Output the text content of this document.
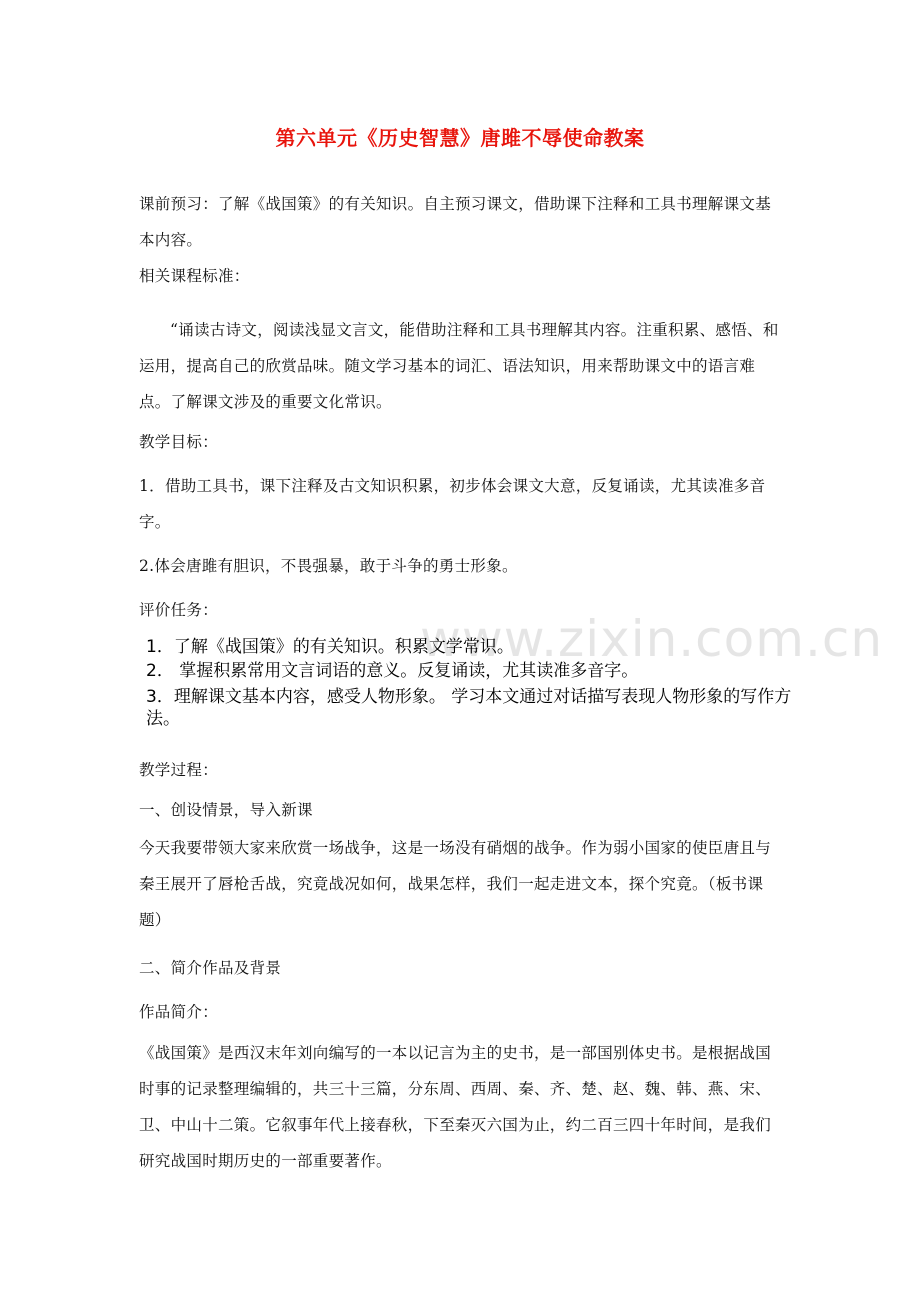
第六单元《历史智慧》唐雎不辱使命教案
课前预习：了解《战国策》的有关知识。自主预习课文，借助课下注释和工具书理解课文基本内容。
相关课程标准：
“诵读古诗文，阅读浅显文言文，能借助注释和工具书理解其内容。注重积累、感悟、和运用，提高自己的欣赏品味。随文学习基本的词汇、语法知识，用来帮助课文中的语言难点。了解课文涉及的重要文化常识。
教学目标：
1．借助工具书，课下注释及古文知识积累，初步体会课文大意，反复诵读，尤其读准多音字。
2.体会唐雎有胆识，不畏强暴，敢于斗争的勇士形象。
评价任务：	www.zixin.com.cn
1．了解《战国策》的有关知识。积累文学常识。
2． 掌握积累常用文言词语的意义。反复诵读，尤其读准多音字。
3．理解课文基本内容，感受人物形象。 学习本文通过对话描写表现人物形象的写作方法。
教学过程：
一、创设情景，导入新课
今天我要带领大家来欣赏一场战争，这是一场没有硝烟的战争。作为弱小国家的使臣唐且与秦王展开了唇枪舌战，究竟战况如何，战果怎样，我们一起走进文本，探个究竟。（板书课题）
二、简介作品及背景
作品简介：
《战国策》是西汉末年刘向编写的一本以记言为主的史书，是一部国别体史书。是根据战国时事的记录整理编辑的，共三十三篇，分东周、西周、秦、齐、楚、赵、魏、韩、燕、宋、卫、中山十二策。它叙事年代上接春秋，下至秦灭六国为止，约二百三四十年时间，是我们研究战国时期历史的一部重要著作。
